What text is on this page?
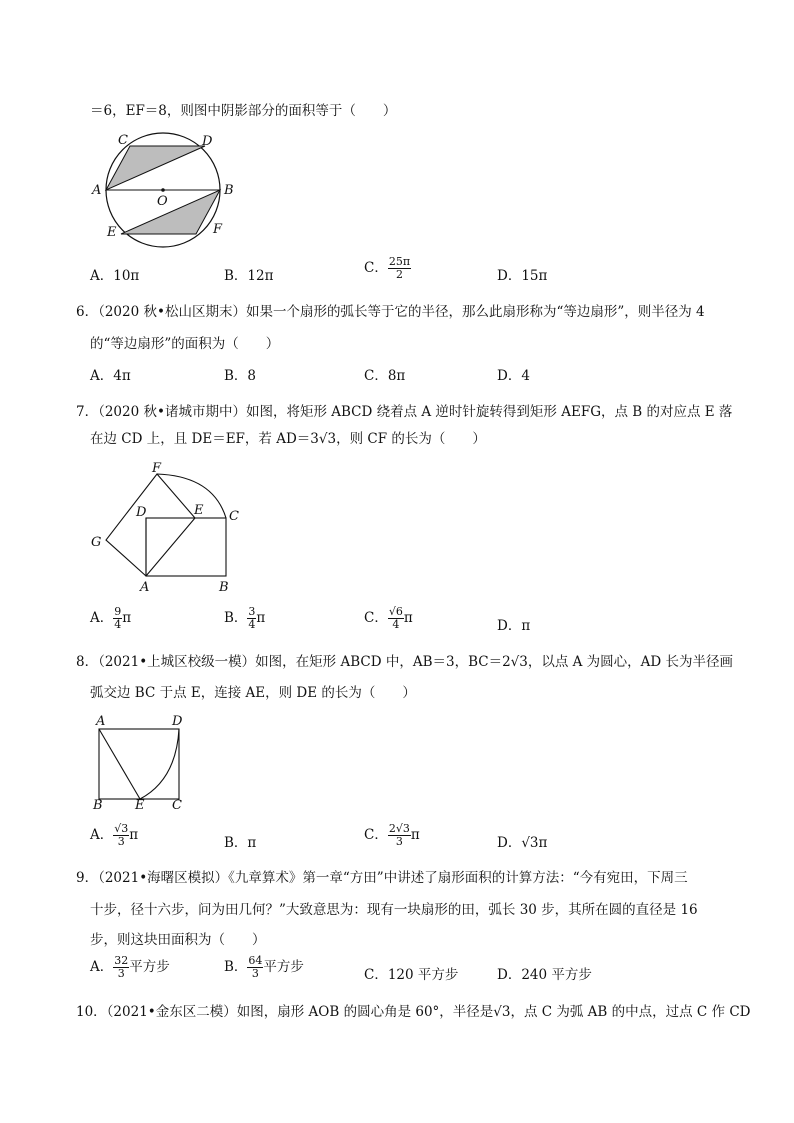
＝6，EF＝8，则图中阴影部分的面积等于（　　）
C	D
A
O
B
E	F
A．10π	B．12π	C． $\frac{25\pi}{2}$	D．15π
6．（2020 秋•松山区期末）如果一个扇形的弧长等于它的半径，那么此扇形称为“等边扇形”，则半径为 4
的“等边扇形”的面积为（　　）
A．4π	B．8	C．8π	D．4
7．（2020 秋•诸城市期中）如图，将矩形 ABCD 绕着点 A 逆时针旋转得到矩形 AEFG，点 B 的对应点 E 落
在边 CD 上，且 DE＝EF，若 AD＝3√3，则 CF 的长为（　　）
F
D	E C
G
A	B
A． $\frac{9}{4}$ π	B． $\frac{3}{4}$ π	C． $\frac{√6}{4}$ π	D．π
8．（2021•上城区校级一模）如图，在矩形 ABCD 中，AB＝3，BC＝2√3，以点 A 为圆心，AD 长为半径画
弧交边 BC 于点 E，连接 AE，则 DE 的长为（　　）
A	D
B E C
A． $\frac{√3}{3}$ π	B．π	C． $\frac{2√3}{3}$ π	D．√3π
9．（2021•海曙区模拟）《九章算术》第一章“方田”中讲述了扇形面积的计算方法：“今有宛田，下周三
十步，径十六步，问为田几何？”大致意思为：现有一块扇形的田，弧长 30 步，其所在圆的直径是 16
步，则这块田面积为（　　）
A． $\frac{32}{3}$ 平方步	B． $\frac{64}{3}$ 平方步	C．120 平方步	D．240 平方步
10．（2021•金东区二模）如图，扇形 AOB 的圆心角是 60°，半径是√3，点 C 为弧 AB 的中点，过点 C 作 CD
